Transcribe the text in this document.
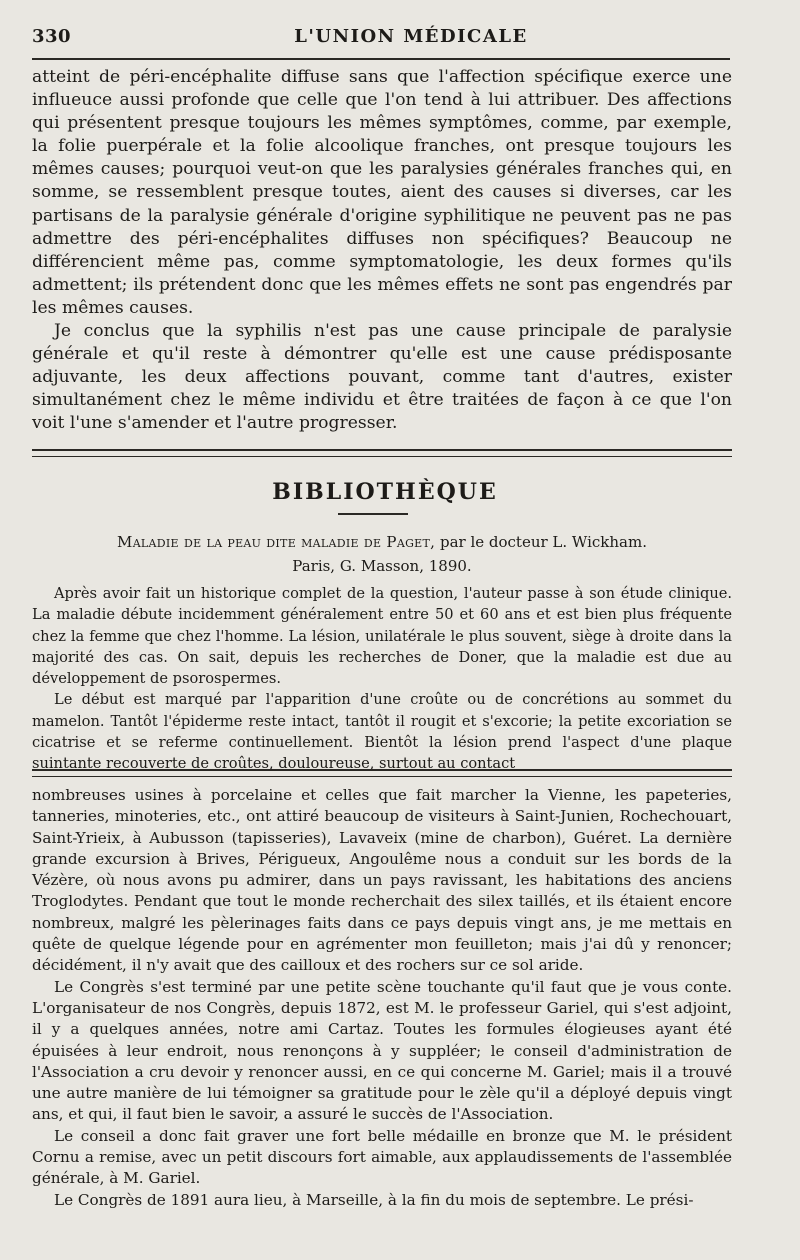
330	L'UNION MÉDICALE

atteint de péri-encéphalite diffuse sans que l'affection spécifique exerce une influeuce aussi profonde que celle que l'on tend à lui attribuer. Des affections qui présentent presque toujours les mêmes symptômes, comme, par exemple, la folie puerpérale et la folie alcoolique franches, ont presque toujours les mêmes causes; pourquoi veut-on que les paralysies générales franches qui, en somme, se ressemblent presque toutes, aient des causes si diverses, car les partisans de la paralysie générale d'origine syphilitique ne peuvent pas ne pas admettre des péri-encéphalites diffuses non spécifiques? Beaucoup ne différencient même pas, comme symptomatologie, les deux formes qu'ils admettent; ils prétendent donc que les mêmes effets ne sont pas engendrés par les mêmes causes.

Je conclus que la syphilis n'est pas une cause principale de paralysie générale et qu'il reste à démontrer qu'elle est une cause prédisposante adjuvante, les deux affections pouvant, comme tant d'autres, exister simultanément chez le même individu et être traitées de façon à ce que l'on voit l'une s'amender et l'autre progresser.

BIBLIOTHÈQUE
Maladie de la peau dite maladie de Paget, par le docteur L. Wickham.
Paris, G. Masson, 1890.

Après avoir fait un historique complet de la question, l'auteur passe à son étude clinique. La maladie débute incidemment généralement entre 50 et 60 ans et est bien plus fréquente chez la femme que chez l'homme. La lésion, unilatérale le plus souvent, siège à droite dans la majorité des cas. On sait, depuis les recherches de Doner, que la maladie est due au développement de psorospermes.

Le début est marqué par l'apparition d'une croûte ou de concrétions au sommet du mamelon. Tantôt l'épiderme reste intact, tantôt il rougit et s'excorie; la petite excoriation se cicatrise et se referme continuellement. Bientôt la lésion prend l'aspect d'une plaque suintante recouverte de croûtes, douloureuse, surtout au contact

nombreuses usines à porcelaine et celles que fait marcher la Vienne, les papeteries, tanneries, minoteries, etc., ont attiré beaucoup de visiteurs à Saint-Junien, Rochechouart, Saint-Yrieix, à Aubusson (tapisseries), Lavaveix (mine de charbon), Guéret. La dernière grande excursion à Brives, Périgueux, Angoulême nous a conduit sur les bords de la Vézère, où nous avons pu admirer, dans un pays ravissant, les habitations des anciens Troglodytes. Pendant que tout le monde recherchait des silex taillés, et ils étaient encore nombreux, malgré les pèlerinages faits dans ce pays depuis vingt ans, je me mettais en quête de quelque légende pour en agrémenter mon feuilleton; mais j'ai dû y renoncer; décidément, il n'y avait que des cailloux et des rochers sur ce sol aride.

Le Congrès s'est terminé par une petite scène touchante qu'il faut que je vous conte. L'organisateur de nos Congrès, depuis 1872, est M. le professeur Gariel, qui s'est adjoint, il y a quelques années, notre ami Cartaz. Toutes les formules élogieuses ayant été épuisées à leur endroit, nous renonçons à y suppléer; le conseil d'administration de l'Association a cru devoir y renoncer aussi, en ce qui concerne M. Gariel; mais il a trouvé une autre manière de lui témoigner sa gratitude pour le zèle qu'il a déployé depuis vingt ans, et qui, il faut bien le savoir, a assuré le succès de l'Association.

Le conseil a donc fait graver une fort belle médaille en bronze que M. le président Cornu a remise, avec un petit discours fort aimable, aux applaudissements de l'assemblée générale, à M. Gariel.

Le Congrès de 1891 aura lieu, à Marseille, à la fin du mois de septembre. Le prési-
